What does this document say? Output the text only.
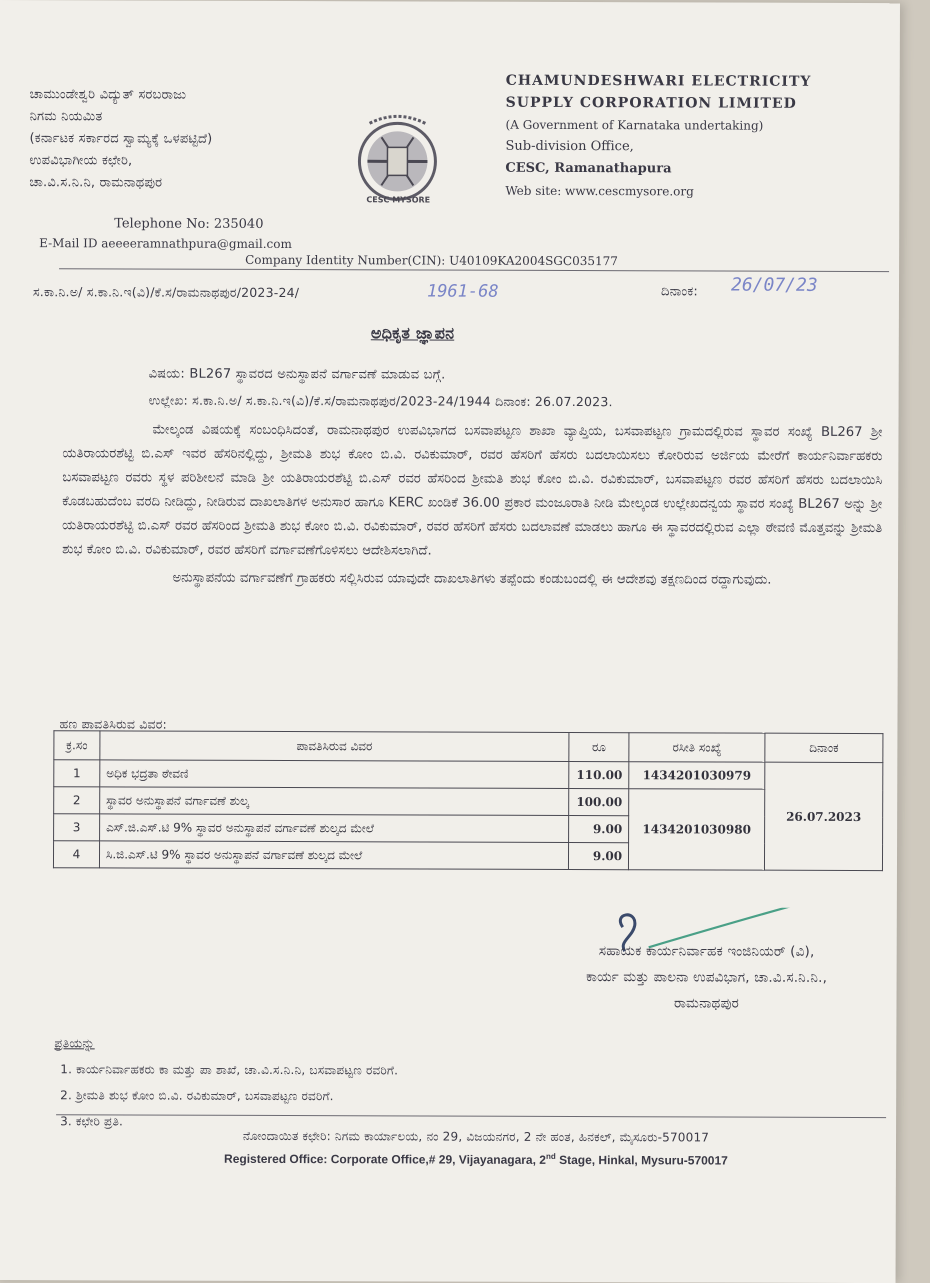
ಚಾಮುಂಡೇಶ್ವರಿ ವಿದ್ಯುತ್ ಸರಬರಾಜು
ನಿಗಮ ನಿಯಮಿತ
(ಕರ್ನಾಟಕ ಸರ್ಕಾರದ ಸ್ವಾಮ್ಯಕ್ಕೆ ಒಳಪಟ್ಟಿದೆ)
ಉಪವಿಭಾಗೀಯ ಕಛೇರಿ,
ಚಾ.ವಿ.ಸ.ನಿ.ನಿ, ರಾಮನಾಥಪುರ
Telephone No: 235040
E-Mail ID aeeeeramnathpura@gmail.com
CESC MYSORE
CHAMUNDESHWARI ELECTRICITY
SUPPLY CORPORATION LIMITED
(A Government of Karnataka undertaking)
Sub-division Office,
CESC, Ramanathapura
Web site: www.cescmysore.org
Company Identity Number(CIN): U40109KA2004SGC035177
ಸ.ಕಾ.ನಿ.ಅ/ ಸ.ಕಾ.ನಿ.ಇ(ವಿ)/ಕೆ.ಸ/ರಾಮನಾಥಪುರ/2023-24/	1961-68	ದಿನಾಂಕ: 26/07/23
ಅಧಿಕೃತ ಜ್ಞಾಪನ
ವಿಷಯ: BL267 ಸ್ಥಾವರದ ಅನುಸ್ಥಾಪನೆ ವರ್ಗಾವಣೆ ಮಾಡುವ ಬಗ್ಗೆ.
ಉಲ್ಲೇಖ: ಸ.ಕಾ.ನಿ.ಅ/ ಸ.ಕಾ.ನಿ.ಇ(ವಿ)/ಕೆ.ಸ/ರಾಮನಾಥಪುರ/2023-24/1944 ದಿನಾಂಕ: 26.07.2023.

ಮೇಲ್ಕಂಡ ವಿಷಯಕ್ಕೆ ಸಂಬಂಧಿಸಿದಂತೆ, ರಾಮನಾಥಪುರ ಉಪವಿಭಾಗದ ಬಸವಾಪಟ್ಟಣ ಶಾಖಾ ವ್ಯಾಪ್ತಿಯ, ಬಸವಾಪಟ್ಟಣ ಗ್ರಾಮದಲ್ಲಿರುವ ಸ್ಥಾವರ ಸಂಖ್ಯೆ BL267 ಶ್ರೀ ಯತಿರಾಯರಶೆಟ್ಟಿ ಬಿ.ಎಸ್ ಇವರ ಹೆಸರಿನಲ್ಲಿದ್ದು, ಶ್ರೀಮತಿ ಶುಭ ಕೋಂ ಬಿ.ವಿ. ರವಿಕುಮಾರ್, ರವರ ಹೆಸರಿಗೆ ಹೆಸರು ಬದಲಾಯಿಸಲು ಕೋರಿರುವ ಅರ್ಜಿಯ ಮೇರೆಗೆ ಕಾರ್ಯನಿರ್ವಾಹಕರು ಬಸವಾಪಟ್ಟಣ ರವರು ಸ್ಥಳ ಪರಿಶೀಲನೆ ಮಾಡಿ ಶ್ರೀ ಯತಿರಾಯರಶೆಟ್ಟಿ ಬಿ.ಎಸ್ ರವರ ಹೆಸರಿಂದ ಶ್ರೀಮತಿ ಶುಭ ಕೋಂ ಬಿ.ವಿ. ರವಿಕುಮಾರ್, ಬಸವಾಪಟ್ಟಣ ರವರ ಹೆಸರಿಗೆ ಹೆಸರು ಬದಲಾಯಿಸಿ ಕೊಡಬಹುದೆಂಬ ವರದಿ ನೀಡಿದ್ದು, ನೀಡಿರುವ ದಾಖಲಾತಿಗಳ ಅನುಸಾರ ಹಾಗೂ KERC ಖಂಡಿಕೆ 36.00 ಪ್ರಕಾರ ಮಂಜೂರಾತಿ ನೀಡಿ ಮೇಲ್ಕಂಡ ಉಲ್ಲೇಖದನ್ವಯ ಸ್ಥಾವರ ಸಂಖ್ಯೆ BL267 ಅನ್ನು ಶ್ರೀ ಯತಿರಾಯರಶೆಟ್ಟಿ ಬಿ.ಎಸ್ ರವರ ಹೆಸರಿಂದ ಶ್ರೀಮತಿ ಶುಭ ಕೋಂ ಬಿ.ವಿ. ರವಿಕುಮಾರ್, ರವರ ಹೆಸರಿಗೆ ಹೆಸರು ಬದಲಾವಣೆ ಮಾಡಲು ಹಾಗೂ ಈ ಸ್ಥಾವರದಲ್ಲಿರುವ ಎಲ್ಲಾ ಠೇವಣಿ ಮೊತ್ತವನ್ನು ಶ್ರೀಮತಿ ಶುಭ ಕೋಂ ಬಿ.ವಿ. ರವಿಕುಮಾರ್, ರವರ ಹೆಸರಿಗೆ ವರ್ಗಾವಣೆಗೊಳಿಸಲು ಆದೇಶಿಸಲಾಗಿದೆ.

ಅನುಸ್ಥಾಪನೆಯ ವರ್ಗಾವಣೆಗೆ ಗ್ರಾಹಕರು ಸಲ್ಲಿಸಿರುವ ಯಾವುದೇ ದಾಖಲಾತಿಗಳು ತಪ್ಪೆಂದು ಕಂಡುಬಂದಲ್ಲಿ ಈ ಆದೇಶವು ತಕ್ಷಣದಿಂದ ರದ್ದಾಗುವುದು.

ಹಣ ಪಾವತಿಸಿರುವ ವಿವರ:
ಕ್ರ.ಸಂ	ಪಾವತಿಸಿರುವ ವಿವರ	ರೂ	ರಸೀತಿ ಸಂಖ್ಯೆ	ದಿನಾಂಕ
1	ಅಧಿಕ ಭದ್ರತಾ ಠೇವಣಿ	110.00	1434201030979	26.07.2023
2	ಸ್ಥಾವರ ಅನುಸ್ಥಾಪನೆ ವರ್ಗಾವಣೆ ಶುಲ್ಕ	100.00	1434201030980	
3	ಎಸ್.ಜಿ.ಎಸ್.ಟಿ 9% ಸ್ಥಾವರ ಅನುಸ್ಥಾಪನೆ ವರ್ಗಾವಣೆ ಶುಲ್ಕದ ಮೇಲೆ	9.00		
4	ಸಿ.ಜಿ.ಎಸ್.ಟಿ 9% ಸ್ಥಾವರ ಅನುಸ್ಥಾಪನೆ ವರ್ಗಾವಣೆ ಶುಲ್ಕದ ಮೇಲೆ	9.00		
ಸಹಾಯಕ ಕಾರ್ಯನಿರ್ವಾಹಕ ಇಂಜಿನಿಯರ್ (ವಿ),
ಕಾರ್ಯ ಮತ್ತು ಪಾಲನಾ ಉಪವಿಭಾಗ, ಚಾ.ವಿ.ಸ.ನಿ.ನಿ.,
ರಾಮನಾಥಪುರ
ಪ್ರತಿಯನ್ನು
1. ಕಾರ್ಯನಿರ್ವಾಹಕರು ಕಾ ಮತ್ತು ಪಾ ಶಾಖೆ, ಚಾ.ವಿ.ಸ.ನಿ.ನಿ, ಬಸವಾಪಟ್ಟಣ ರವರಿಗೆ.
2. ಶ್ರೀಮತಿ ಶುಭ ಕೋಂ ಬಿ.ವಿ. ರವಿಕುಮಾರ್, ಬಸವಾಪಟ್ಟಣ ರವರಿಗೆ.
3. ಕಛೇರಿ ಪ್ರತಿ.
ನೋಂದಾಯಿತ ಕಛೇರಿ: ನಿಗಮ ಕಾರ್ಯಾಲಯ, ನಂ 29, ವಿಜಯನಗರ, 2 ನೇ ಹಂತ, ಹಿನಕಲ್, ಮೈಸೂರು-570017
Registered Office: Corporate Office,# 29, Vijayanagara, 2nd Stage, Hinkal, Mysuru-570017
